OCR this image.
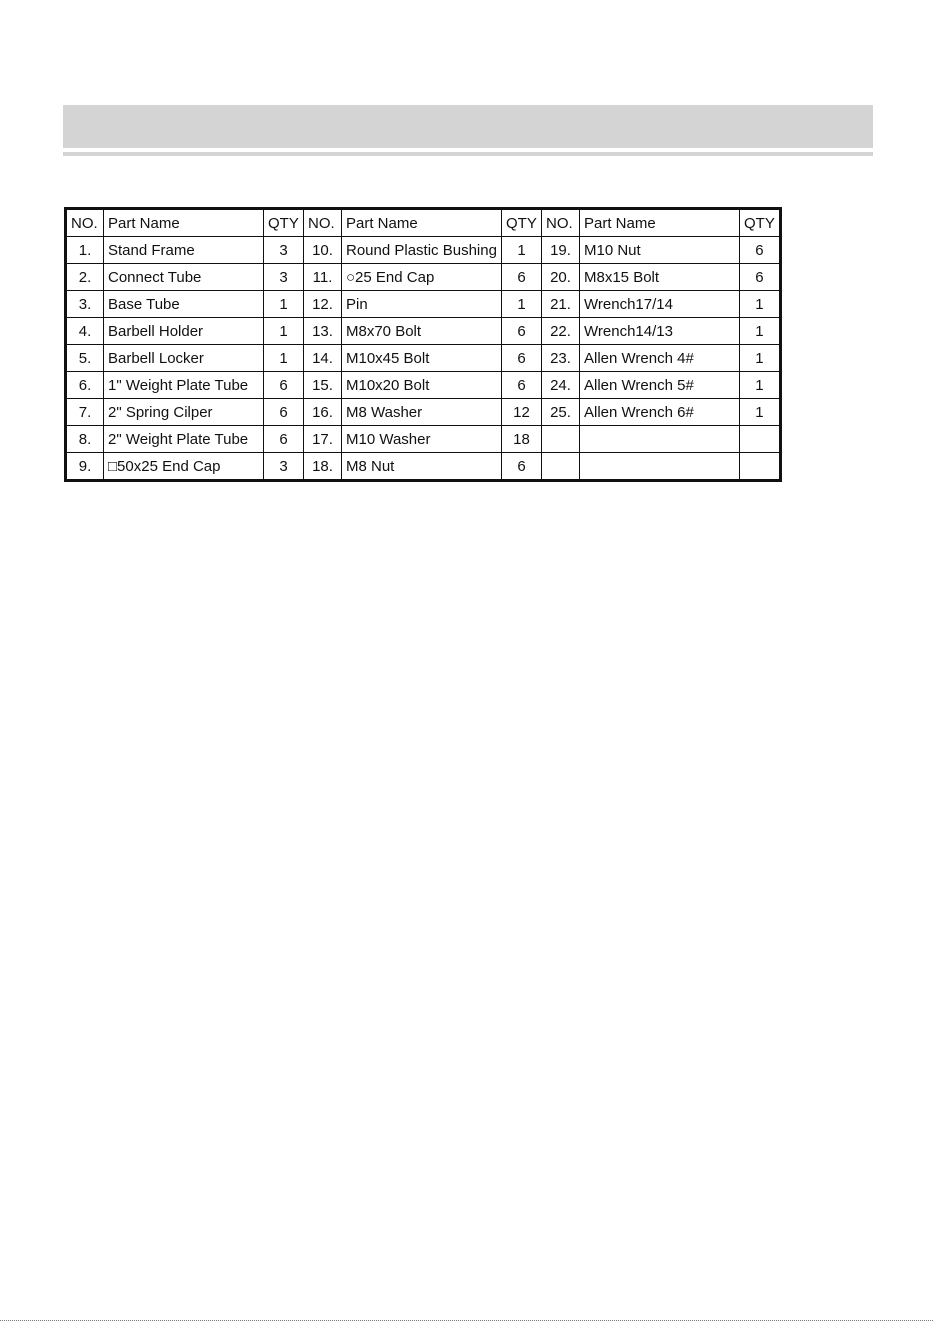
NO.	Part Name	QTY	NO.	Part Name	QTY	NO.	Part Name	QTY
1.	Stand Frame	3	10.	Round Plastic Bushing	1	19.	M10 Nut	6
2.	Connect Tube	3	11.	○25 End Cap	6	20.	M8x15 Bolt	6
3.	Base Tube	1	12.	Pin	1	21.	Wrench17/14	1
4.	Barbell Holder	1	13.	M8x70 Bolt	6	22.	Wrench14/13	1
5.	Barbell Locker	1	14.	M10x45 Bolt	6	23.	Allen Wrench 4#	1
6.	1" Weight Plate Tube	6	15.	M10x20 Bolt	6	24.	Allen Wrench 5#	1
7.	2" Spring Cilper	6	16.	M8 Washer	12	25.	Allen Wrench 6#	1
8.	2" Weight Plate Tube	6	17.	M10 Washer	18			
9.	□50x25 End Cap	3	18.	M8 Nut	6			
